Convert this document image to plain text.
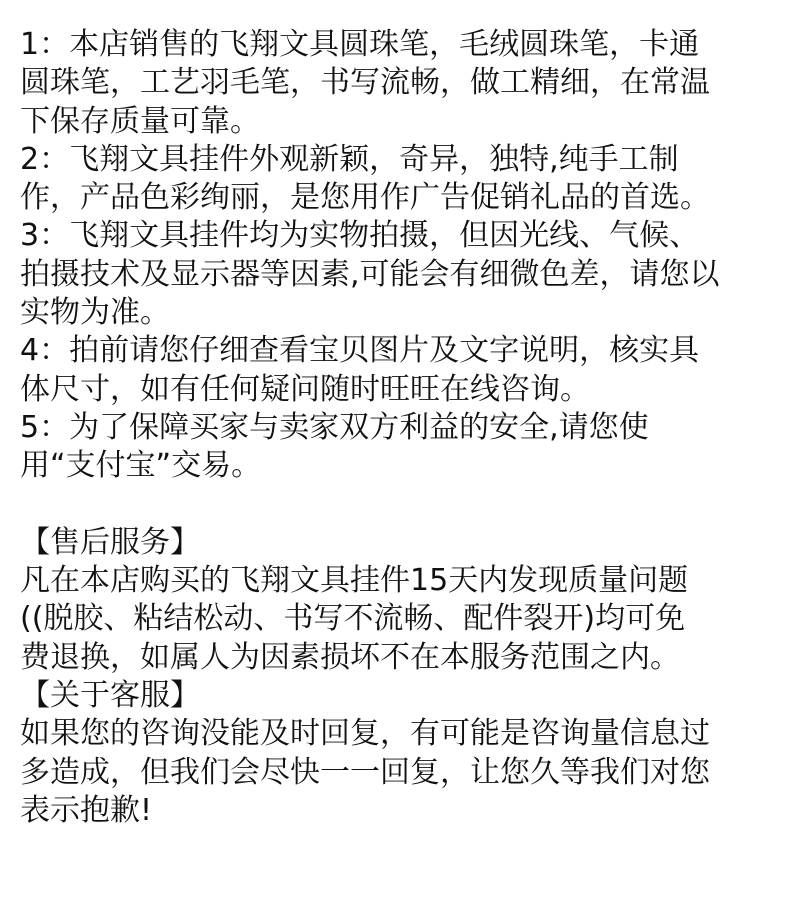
1：本店销售的飞翔文具圆珠笔，毛绒圆珠笔，卡通
圆珠笔，工艺羽毛笔，书写流畅，做工精细，在常温
下保存质量可靠。
2：飞翔文具挂件外观新颖，奇异，独特,纯手工制
作，产品色彩绚丽，是您用作广告促销礼品的首选。
3：飞翔文具挂件均为实物拍摄，但因光线、气候、
拍摄技术及显示器等因素,可能会有细微色差，请您以
实物为准。
4：拍前请您仔细查看宝贝图片及文字说明，核实具
体尺寸，如有任何疑问随时旺旺在线咨询。
5：为了保障买家与卖家双方利益的安全,请您使
用“支付宝”交易。
【售后服务】
凡在本店购买的飞翔文具挂件15天内发现质量问题
((脱胶、粘结松动、书写不流畅、配件裂开)均可免
费退换，如属人为因素损坏不在本服务范围之内。
【关于客服】
如果您的咨询没能及时回复，有可能是咨询量信息过
多造成，但我们会尽快一一回复，让您久等我们对您
表示抱歉!
